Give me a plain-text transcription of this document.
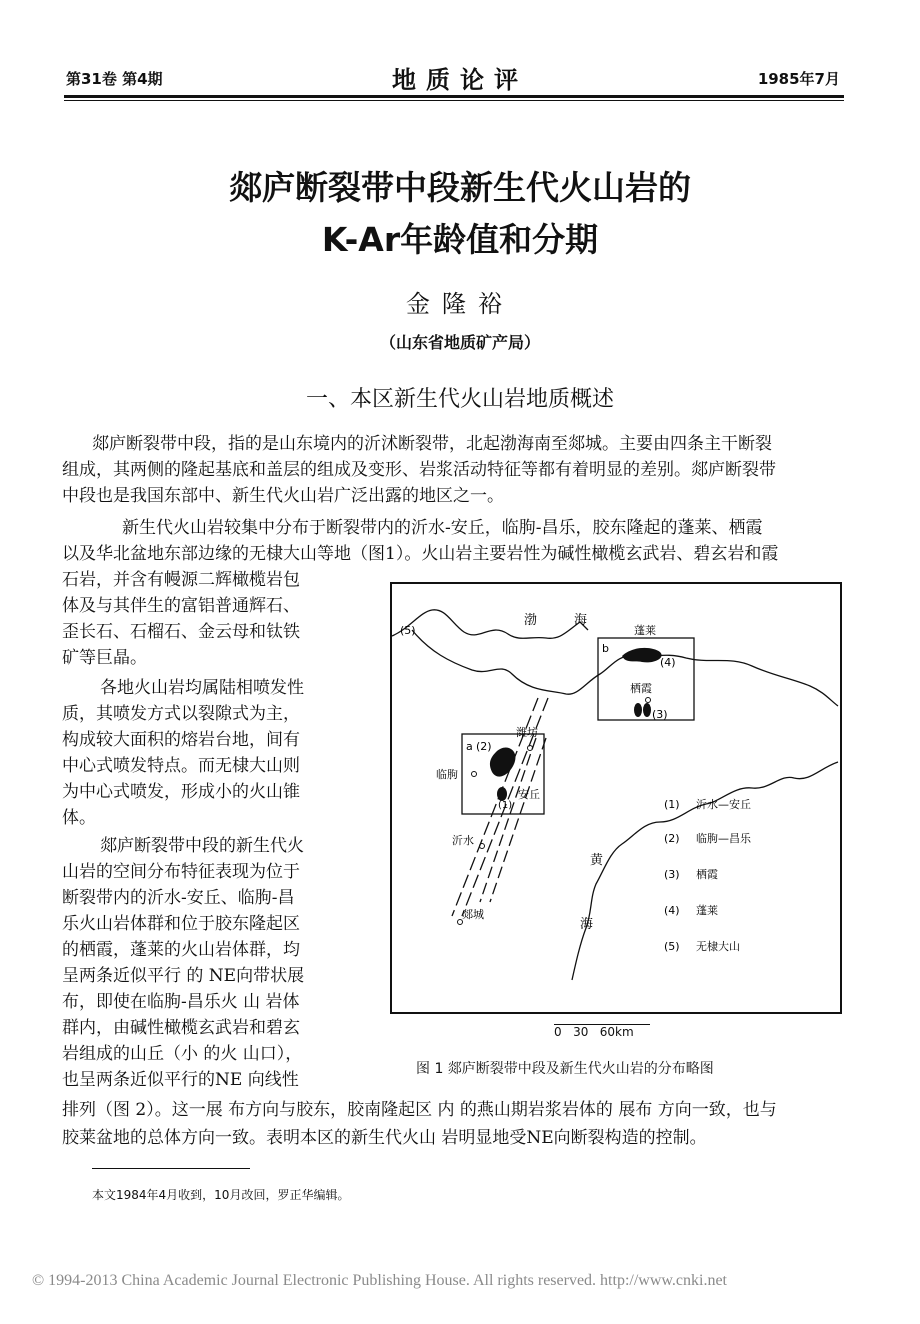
第31卷 第4期	地质论评	1985年7月
郯庐断裂带中段新生代火山岩的
K-Ar年龄值和分期
金隆裕
（山东省地质矿产局）
一、本区新生代火山岩地质概述
郯庐断裂带中段，指的是山东境内的沂沭断裂带，北起渤海南至郯城。主要由四条主干断裂
组成，其两侧的隆起基底和盖层的组成及变形、岩浆活动特征等都有着明显的差别。郯庐断裂带
中段也是我国东部中、新生代火山岩广泛出露的地区之一。
新生代火山岩较集中分布于断裂带内的沂水-安丘，临朐-昌乐，胶东隆起的蓬莱、栖霞
以及华北盆地东部边缘的无棣大山等地（图1）。火山岩主要岩性为碱性橄榄玄武岩、碧玄岩和霞
石岩，并含有幔源二辉橄榄岩包
体及与其伴生的富铝普通辉石、
歪长石、石榴石、金云母和钛铁
矿等巨晶。
各地火山岩均属陆相喷发性
质，其喷发方式以裂隙式为主，
构成较大面积的熔岩台地，间有
中心式喷发特点。而无棣大山则
为中心式喷发，形成小的火山锥
体。
郯庐断裂带中段的新生代火
山岩的空间分布特征表现为位于
断裂带内的沂水-安丘、临朐-昌
乐火山岩体群和位于胶东隆起区
的栖霞，蓬莱的火山岩体群，均
呈两条近似平行 的 NE向带状展
布，即使在临朐-昌乐火 山 岩体
群内，由碱性橄榄玄武岩和碧玄
岩组成的山丘（小 的火 山口），
也呈两条近似平行的NE 向线性
排列（图 2）。这一展 布方向与胶东，胶南隆起区 内 的燕山期岩浆岩体的 展布 方向一致，也与
胶莱盆地的总体方向一致。表明本区的新生代火山 岩明显地受NE向断裂构造的控制。
渤	海
蓬莱
b
(4)
栖霞
(3)
(5)
潍坊
a (2)
临朐
安丘
(1)
沂水
郯城
黄
海
(1) 沂水—安丘
(2) 临朐—昌乐
(3) 栖霞
(4) 蓬莱
(5) 无棣大山
0   30   60km
图 1 郯庐断裂带中段及新生代火山岩的分布略图
本文1984年4月收到，10月改回，罗正华编辑。
© 1994-2013 China Academic Journal Electronic Publishing House. All rights reserved. http://www.cnki.net
